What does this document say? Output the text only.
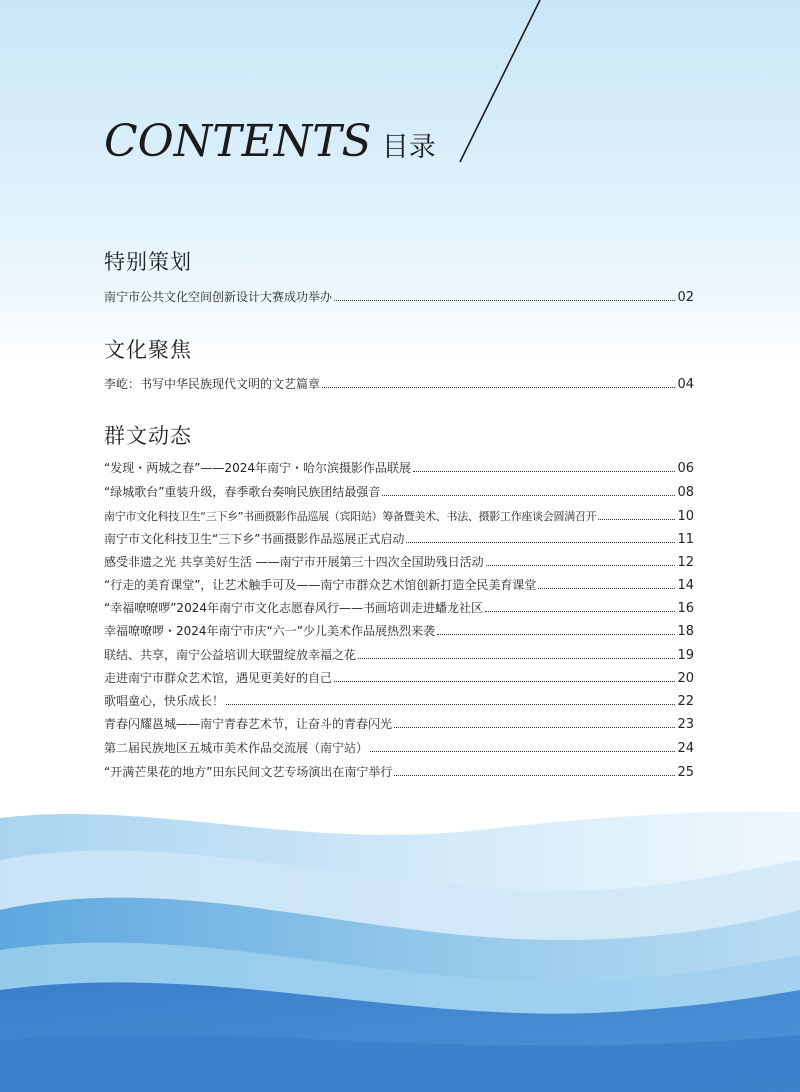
CONTENTS 目录
特别策划
南宁市公共文化空间创新设计大赛成功举办	02
文化聚焦
李屹：书写中华民族现代文明的文艺篇章	04
群文动态
“发现・两城之春”——2024年南宁・哈尔滨摄影作品联展	06
“绿城歌台”重装升级，春季歌台奏响民族团结最强音	08
南宁市文化科技卫生“三下乡”书画摄影作品巡展（宾阳站）筹备暨美术、书法、摄影工作座谈会圆满召开	10
南宁市文化科技卫生“三下乡”书画摄影作品巡展正式启动	11
感受非遗之光 共享美好生活 ——南宁市开展第三十四次全国助残日活动	12
“行走的美育课堂”，让艺术触手可及——南宁市群众艺术馆创新打造全民美育课堂	14
“幸福嘹嘹啰”2024年南宁市文化志愿春风行——书画培训走进蟠龙社区	16
幸福嘹嘹啰・2024年南宁市庆“六一”少儿美术作品展热烈来袭	18
联结、共享，南宁公益培训大联盟绽放幸福之花	19
走进南宁市群众艺术馆，遇见更美好的自己	20
歌唱童心，快乐成长！	22
青春闪耀邕城——南宁青春艺术节，让奋斗的青春闪光	23
第二届民族地区五城市美术作品交流展（南宁站）	24
“开满芒果花的地方”田东民间文艺专场演出在南宁举行	25
